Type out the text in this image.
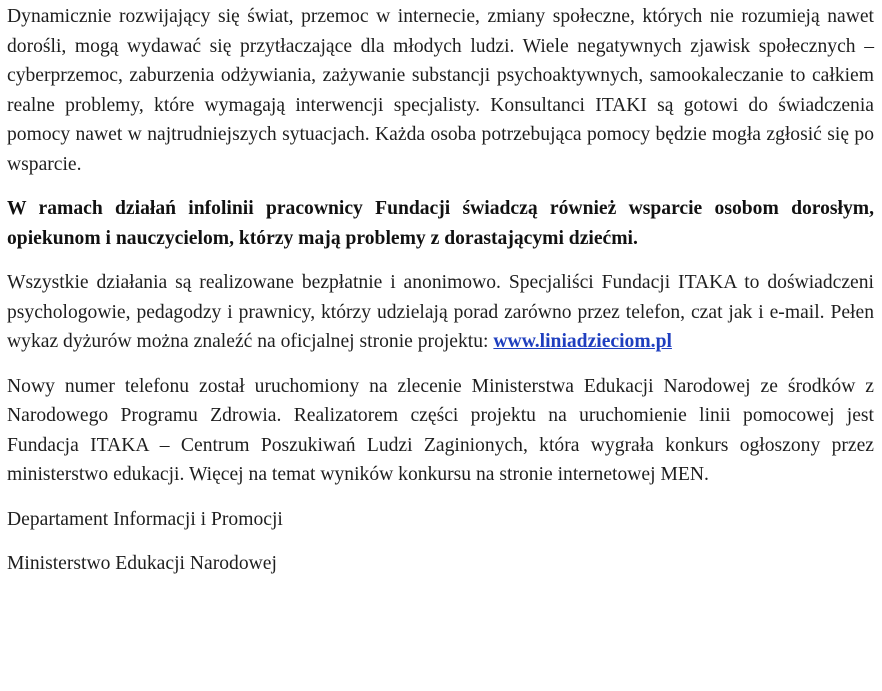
Dynamicznie rozwijający się świat, przemoc w internecie, zmiany społeczne, których nie rozumieją nawet dorośli, mogą wydawać się przytłaczające dla młodych ludzi. Wiele negatywnych zjawisk społecznych – cyberprzemoc, zaburzenia odżywiania, zażywanie substancji psychoaktywnych, samookaleczanie to całkiem realne problemy, które wymagają interwencji specjalisty. Konsultanci ITAKI są gotowi do świadczenia pomocy nawet w najtrudniejszych sytuacjach. Każda osoba potrzebująca pomocy będzie mogła zgłosić się po wsparcie.

W ramach działań infolinii pracownicy Fundacji świadczą również wsparcie osobom dorosłym, opiekunom i nauczycielom, którzy mają problemy z dorastającymi dziećmi.

Wszystkie działania są realizowane bezpłatnie i anonimowo. Specjaliści Fundacji ITAKA to doświadczeni psychologowie, pedagodzy i prawnicy, którzy udzielają porad zarówno przez telefon, czat jak i e-mail. Pełen wykaz dyżurów można znaleźć na oficjalnej stronie projektu: www.liniadzieciom.pl

Nowy numer telefonu został uruchomiony na zlecenie Ministerstwa Edukacji Narodowej ze środków z Narodowego Programu Zdrowia. Realizatorem części projektu na uruchomienie linii pomocowej jest Fundacja ITAKA – Centrum Poszukiwań Ludzi Zaginionych, która wygrała konkurs ogłoszony przez ministerstwo edukacji. Więcej na temat wyników konkursu na stronie internetowej MEN.

Departament Informacji i Promocji

Ministerstwo Edukacji Narodowej
